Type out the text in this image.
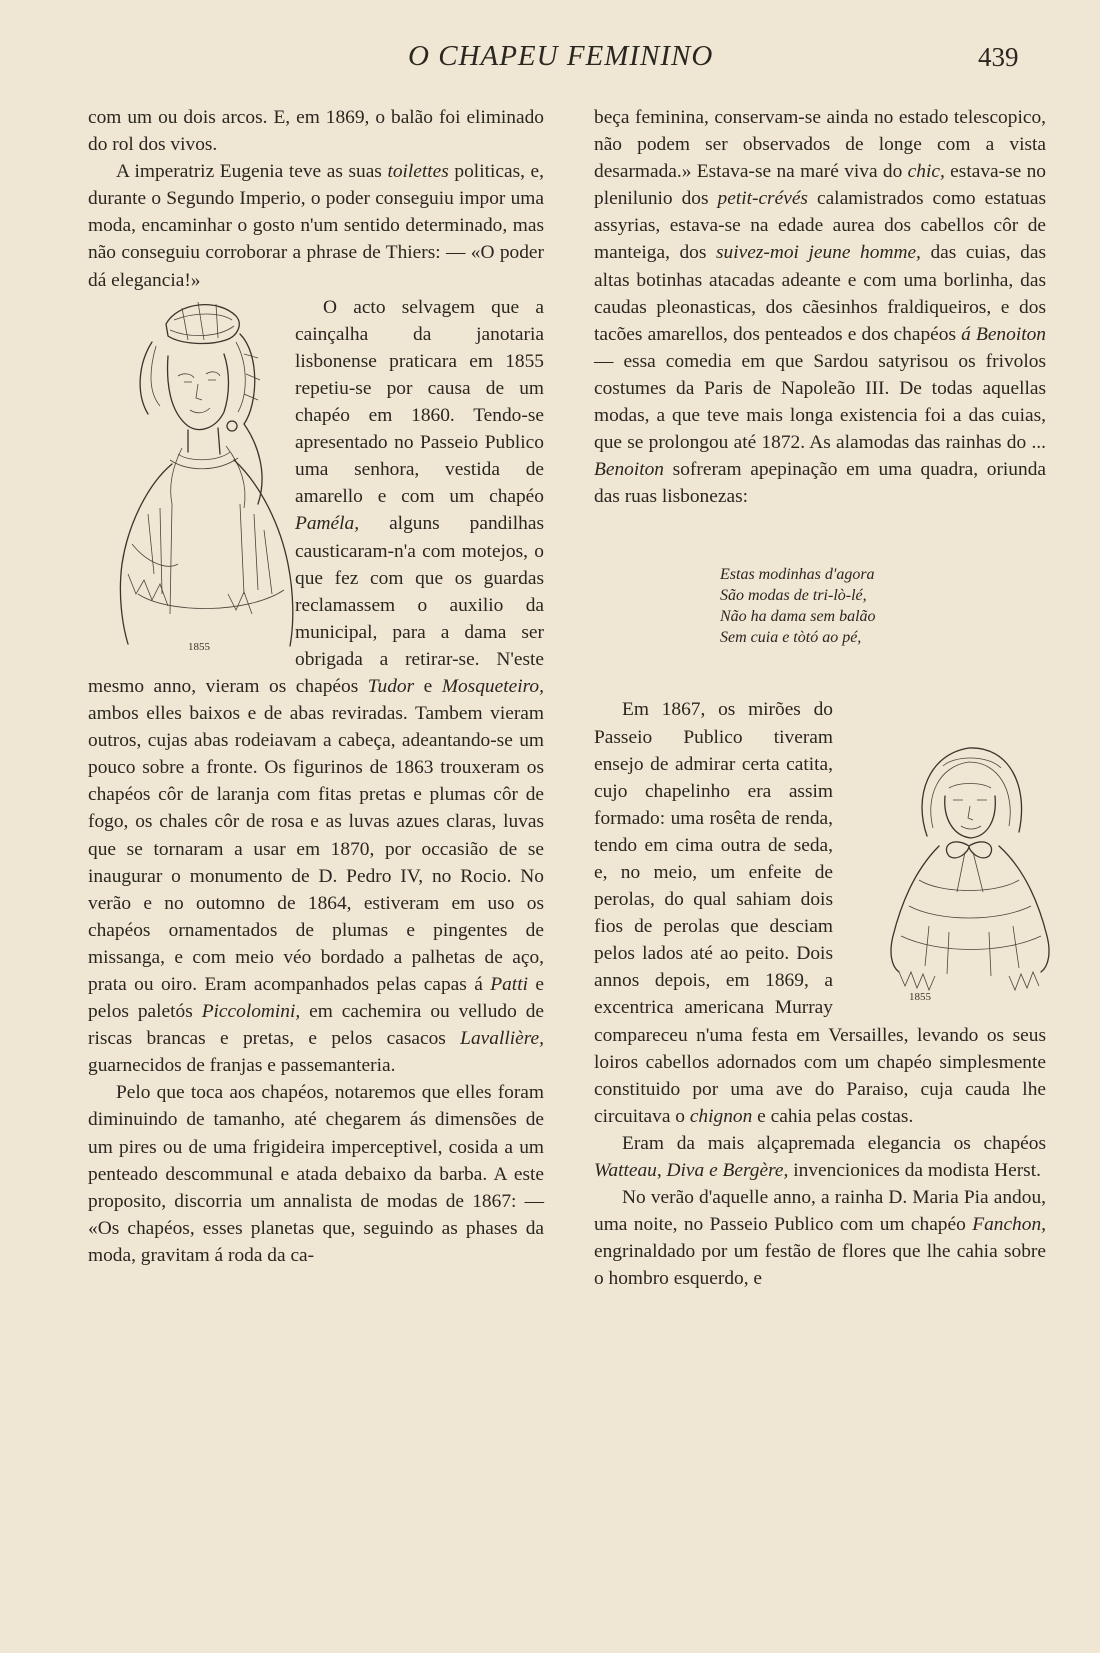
O CHAPEU FEMININO	439

com um ou dois arcos. E, em 1869, o balão foi eliminado do rol dos vivos.

A imperatriz Eugenia teve as suas toilettes politicas, e, durante o Segundo Imperio, o poder conseguiu impor uma moda, encaminhar o gosto n'um sentido determinado, mas não conseguiu corroborar a phrase de Thiers: — «O poder dá elegancia!»

1855
O acto selvagem que a cainçalha da janotaria lisbonense praticara em 1855 repetiu-se por causa de um chapéo em 1860. Tendo-se apresentado no Passeio Publico uma senhora, vestida de amarello e com um chapéo Paméla, alguns pandilhas causticaram-n'a com motejos, o que fez com que os guardas reclamassem o auxilio da municipal, para a dama ser obrigada a retirar-se. N'este mesmo anno, vieram os chapéos Tudor e Mosqueteiro, ambos elles baixos e de abas reviradas. Tambem vieram outros, cujas abas rodeiavam a cabeça, adeantando-se um pouco sobre a fronte. Os figurinos de 1863 trouxeram os chapéos côr de laranja com fitas pretas e plumas côr de fogo, os chales côr de rosa e as luvas azues claras, luvas que se tornaram a usar em 1870, por occasião de se inaugurar o monumento de D. Pedro IV, no Rocio. No verão e no outomno de 1864, estiveram em uso os chapéos ornamentados de plumas e pingentes de missanga, e com meio véo bordado a palhetas de aço, prata ou oiro. Eram acompanhados pelas capas á Patti e pelos paletós Piccolomini, em cachemira ou velludo de riscas brancas e pretas, e pelos casacos Lavallière, guarnecidos de franjas e passemanteria.

Pelo que toca aos chapéos, notaremos que elles foram diminuindo de tamanho, até chegarem ás dimensões de um pires ou de uma frigideira imperceptivel, cosida a um penteado descommunal e atada debaixo da barba. A este proposito, discorria um annalista de modas de 1867: — «Os chapéos, esses planetas que, seguindo as phases da moda, gravitam á roda da ca-

beça feminina, conservam-se ainda no estado telescopico, não podem ser observados de longe com a vista desarmada.» Estava-se na maré viva do chic, estava-se no plenilunio dos petit-crévés calamistrados como estatuas assyrias, estava-se na edade aurea dos cabellos côr de manteiga, dos suivez-moi jeune homme, das cuias, das altas botinhas atacadas adeante e com uma borlinha, das caudas pleonasticas, dos cãesinhos fraldiqueiros, e dos tacões amarellos, dos penteados e dos chapéos á Benoiton — essa comedia em que Sardou satyrisou os frivolos costumes da Paris de Napoleão III. De todas aquellas modas, a que teve mais longa existencia foi a das cuias, que se prolongou até 1872. As alamodas das rainhas do ... Benoiton sofreram apepinação em uma quadra, oriunda das ruas lisbonezas:

Estas modinhas d'agora
São modas de tri-lò-lé,
Não ha dama sem balão
Sem cuia e tòtó ao pé,

1855
Em 1867, os mirões do Passeio Publico tiveram ensejo de admirar certa catita, cujo chapelinho era assim formado: uma rosêta de renda, tendo em cima outra de seda, e, no meio, um enfeite de perolas, do qual sahiam dois fios de perolas que desciam pelos lados até ao peito. Dois annos depois, em 1869, a excentrica americana Murray compareceu n'uma festa em Versailles, levando os seus loiros cabellos adornados com um chapéo simplesmente constituido por uma ave do Paraiso, cuja cauda lhe circuitava o chignon e cahia pelas costas.

Eram da mais alçapremada elegancia os chapéos Watteau, Diva e Bergère, invencionices da modista Herst.

No verão d'aquelle anno, a rainha D. Maria Pia andou, uma noite, no Passeio Publico com um chapéo Fanchon, engrinaldado por um festão de flores que lhe cahia sobre o hombro esquerdo, e
